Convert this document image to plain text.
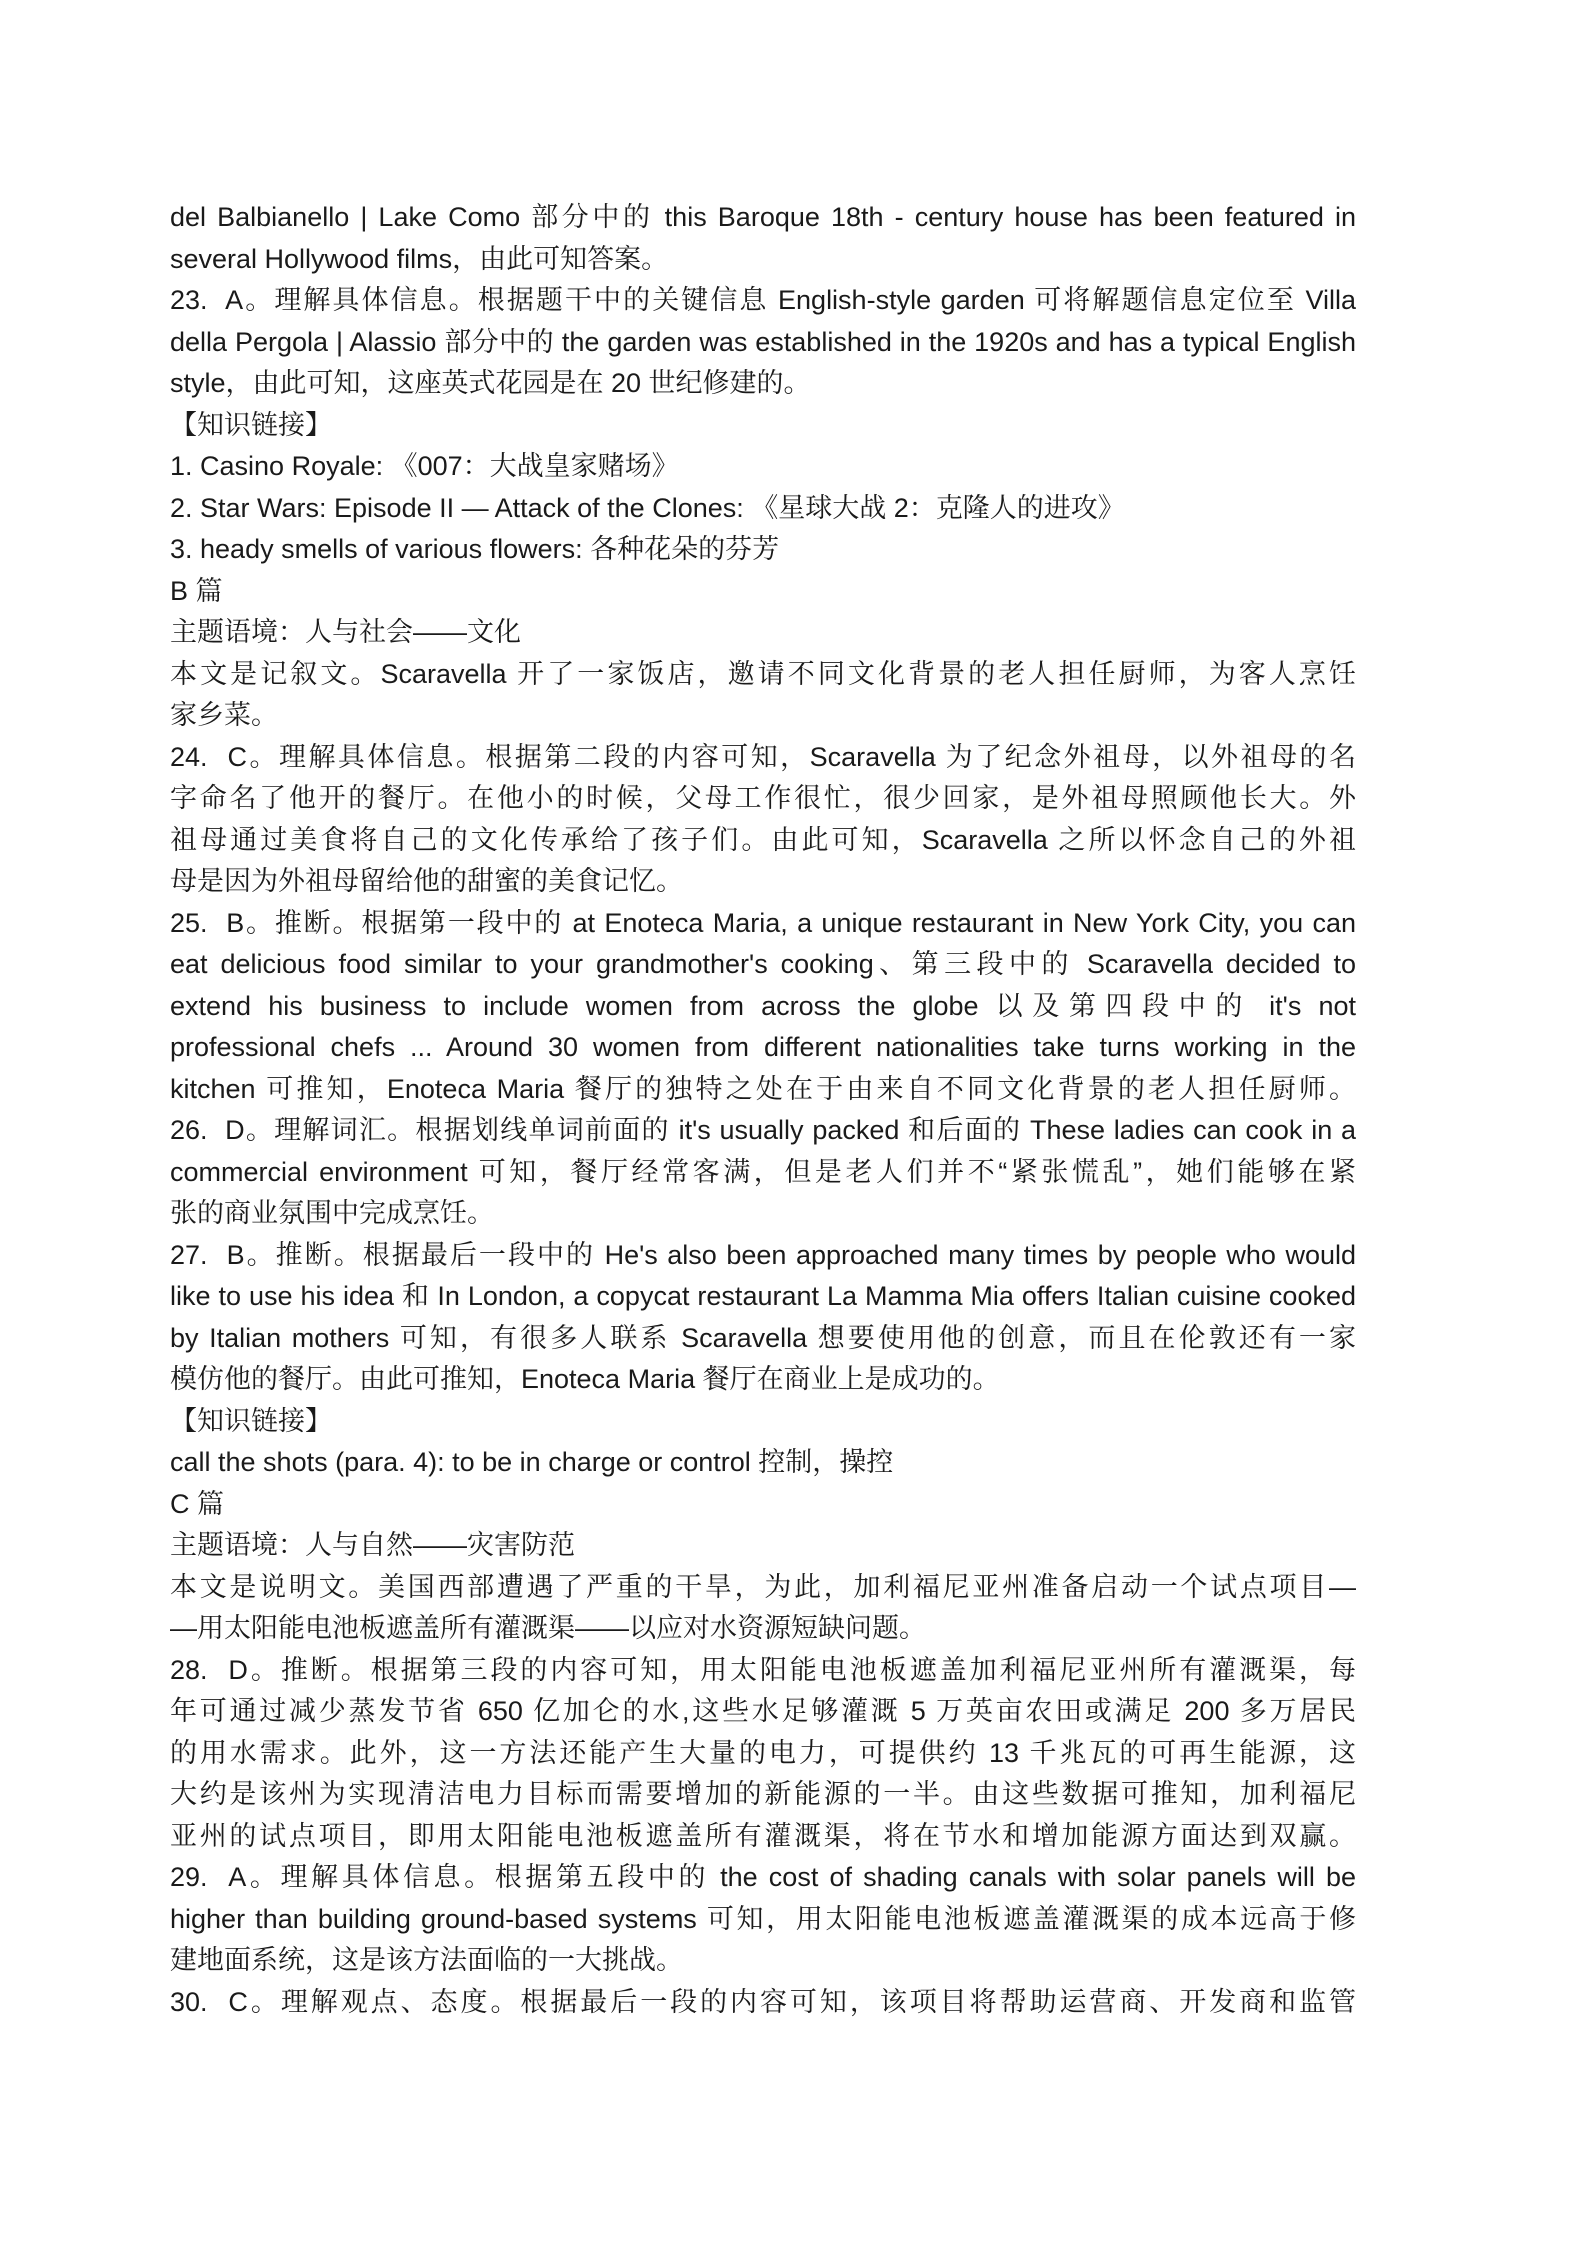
del Balbianello | Lake Como 部分中的 this Baroque 18th - century house has been featured in
several Hollywood films，由此可知答案。
23.  A。理解具体信息。根据题干中的关键信息 English-style garden 可将解题信息定位至 Villa
della Pergola | Alassio 部分中的 the garden was established in the 1920s and has a typical English
style，由此可知，这座英式花园是在 20 世纪修建的。
【知识链接】
1. Casino Royale: 《007：大战皇家赌场》
2. Star Wars: Episode II — Attack of the Clones: 《星球大战 2：克隆人的进攻》
3. heady smells of various flowers: 各种花朵的芬芳
B 篇
主题语境：人与社会——文化
本文是记叙文。Scaravella 开了一家饭店，邀请不同文化背景的老人担任厨师，为客人烹饪
家乡菜。
24.  C。理解具体信息。根据第二段的内容可知，Scaravella 为了纪念外祖母，以外祖母的名
字命名了他开的餐厅。在他小的时候，父母工作很忙，很少回家，是外祖母照顾他长大。外
祖母通过美食将自己的文化传承给了孩子们。由此可知，Scaravella 之所以怀念自己的外祖
母是因为外祖母留给他的甜蜜的美食记忆。
25.  B。推断。根据第一段中的 at Enoteca Maria, a unique restaurant in New York City, you can
eat delicious food similar to your grandmother's cooking、第三段中的 Scaravella decided to
extend his business to include women from across the globe 以及第四段中的 it's not
professional chefs ... Around 30 women from different nationalities take turns working in the
kitchen 可推知，Enoteca Maria 餐厅的独特之处在于由来自不同文化背景的老人担任厨师。
26.  D。理解词汇。根据划线单词前面的 it's usually packed 和后面的 These ladies can cook in a
commercial environment 可知，餐厅经常客满，但是老人们并不“紧张慌乱”，她们能够在紧
张的商业氛围中完成烹饪。
27.  B。推断。根据最后一段中的 He's also been approached many times by people who would
like to use his idea 和 In London, a copycat restaurant La Mamma Mia offers Italian cuisine cooked
by Italian mothers 可知，有很多人联系 Scaravella 想要使用他的创意，而且在伦敦还有一家
模仿他的餐厅。由此可推知，Enoteca Maria 餐厅在商业上是成功的。
【知识链接】
call the shots (para. 4): to be in charge or control 控制，操控
C 篇
主题语境：人与自然——灾害防范
本文是说明文。美国西部遭遇了严重的干旱，为此，加利福尼亚州准备启动一个试点项目—
—用太阳能电池板遮盖所有灌溉渠——以应对水资源短缺问题。
28.  D。推断。根据第三段的内容可知，用太阳能电池板遮盖加利福尼亚州所有灌溉渠，每
年可通过减少蒸发节省 650 亿加仑的水,这些水足够灌溉 5 万英亩农田或满足 200 多万居民
的用水需求。此外，这一方法还能产生大量的电力，可提供约 13 千兆瓦的可再生能源，这
大约是该州为实现清洁电力目标而需要增加的新能源的一半。由这些数据可推知，加利福尼
亚州的试点项目，即用太阳能电池板遮盖所有灌溉渠，将在节水和增加能源方面达到双赢。
29.  A。理解具体信息。根据第五段中的 the cost of shading canals with solar panels will be
higher than building ground-based systems 可知，用太阳能电池板遮盖灌溉渠的成本远高于修
建地面系统，这是该方法面临的一大挑战。
30.  C。理解观点、态度。根据最后一段的内容可知，该项目将帮助运营商、开发商和监管
